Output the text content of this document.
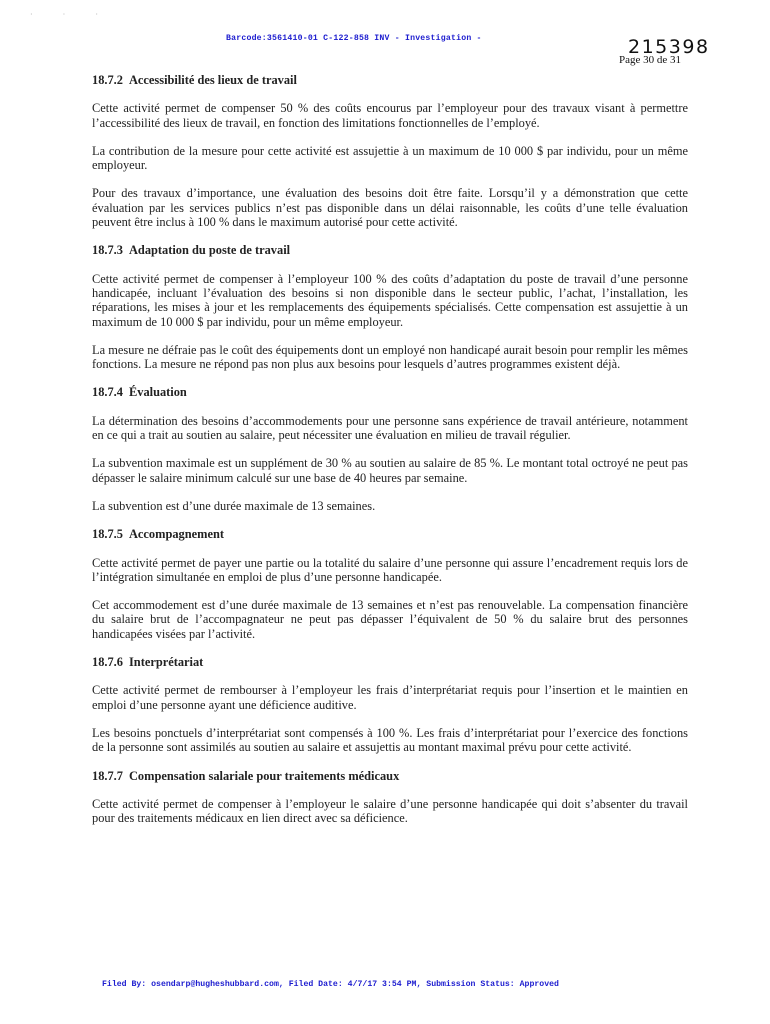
· · ·
Barcode:3561410-01 C-122-858 INV - Investigation -	215398
Page 30 de 31
18.7.2 Accessibilité des lieux de travail

Cette activité permet de compenser 50 % des coûts encourus par l’employeur pour des travaux visant à permettre l’accessibilité des lieux de travail, en fonction des limitations fonctionnelles de l’employé.

La contribution de la mesure pour cette activité est assujettie à un maximum de 10 000 $ par individu, pour un même employeur.

Pour des travaux d’importance, une évaluation des besoins doit être faite. Lorsqu’il y a démonstration que cette évaluation par les services publics n’est pas disponible dans un délai raisonnable, les coûts d’une telle évaluation peuvent être inclus à 100 % dans le maximum autorisé pour cette activité.

18.7.3 Adaptation du poste de travail

Cette activité permet de compenser à l’employeur 100 % des coûts d’adaptation du poste de travail d’une personne handicapée, incluant l’évaluation des besoins si non disponible dans le secteur public, l’achat, l’installation, les réparations, les mises à jour et les remplacements des équipements spécialisés. Cette compensation est assujettie à un maximum de 10 000 $ par individu, pour un même employeur.

La mesure ne défraie pas le coût des équipements dont un employé non handicapé aurait besoin pour remplir les mêmes fonctions. La mesure ne répond pas non plus aux besoins pour lesquels d’autres programmes existent déjà.

18.7.4 Évaluation

La détermination des besoins d’accommodements pour une personne sans expérience de travail antérieure, notamment en ce qui a trait au soutien au salaire, peut nécessiter une évaluation en milieu de travail régulier.

La subvention maximale est un supplément de 30 % au soutien au salaire de 85 %. Le montant total octroyé ne peut pas dépasser le salaire minimum calculé sur une base de 40 heures par semaine.

La subvention est d’une durée maximale de 13 semaines.

18.7.5 Accompagnement

Cette activité permet de payer une partie ou la totalité du salaire d’une personne qui assure l’encadrement requis lors de l’intégration simultanée en emploi de plus d’une personne handicapée.

Cet accommodement est d’une durée maximale de 13 semaines et n’est pas renouvelable. La compensation financière du salaire brut de l’accompagnateur ne peut pas dépasser l’équivalent de 50 % du salaire brut des personnes handicapées visées par l’activité.

18.7.6 Interprétariat

Cette activité permet de rembourser à l’employeur les frais d’interprétariat requis pour l’insertion et le maintien en emploi d’une personne ayant une déficience auditive.

Les besoins ponctuels d’interprétariat sont compensés à 100 %. Les frais d’interprétariat pour l’exercice des fonctions de la personne sont assimilés au soutien au salaire et assujettis au montant maximal prévu pour cette activité.

18.7.7 Compensation salariale pour traitements médicaux

Cette activité permet de compenser à l’employeur le salaire d’une personne handicapée qui doit s’absenter du travail pour des traitements médicaux en lien direct avec sa déficience.

Filed By: osendarp@hugheshubbard.com, Filed Date: 4/7/17 3:54 PM, Submission Status: Approved
